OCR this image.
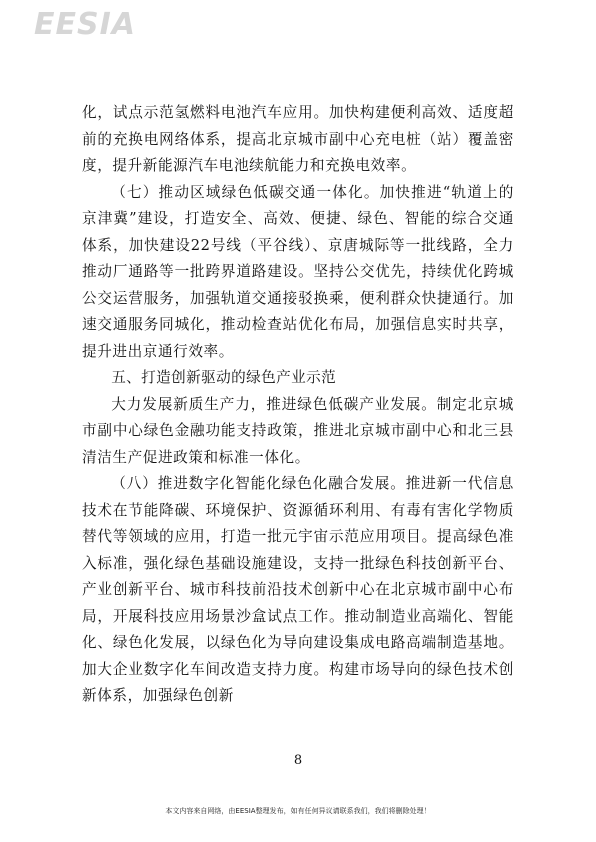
EESIA

化，试点示范氢燃料电池汽车应用。加快构建便利高效、适度超前的充换电网络体系，提高北京城市副中心充电桩（站）覆盖密度，提升新能源汽车电池续航能力和充换电效率。

（七）推动区域绿色低碳交通一体化。加快推进“轨道上的京津冀”建设，打造安全、高效、便捷、绿色、智能的综合交通体系，加快建设22号线（平谷线）、京唐城际等一批线路，全力推动厂通路等一批跨界道路建设。坚持公交优先，持续优化跨城公交运营服务，加强轨道交通接驳换乘，便利群众快捷通行。加速交通服务同城化，推动检查站优化布局，加强信息实时共享，提升进出京通行效率。

五、打造创新驱动的绿色产业示范

大力发展新质生产力，推进绿色低碳产业发展。制定北京城市副中心绿色金融功能支持政策，推进北京城市副中心和北三县清洁生产促进政策和标准一体化。

（八）推进数字化智能化绿色化融合发展。推进新一代信息技术在节能降碳、环境保护、资源循环利用、有毒有害化学物质替代等领域的应用，打造一批元宇宙示范应用项目。提高绿色准入标准，强化绿色基础设施建设，支持一批绿色科技创新平台、产业创新平台、城市科技前沿技术创新中心在北京城市副中心布局，开展科技应用场景沙盒试点工作。推动制造业高端化、智能化、绿色化发展，以绿色化为导向建设集成电路高端制造基地。加大企业数字化车间改造支持力度。构建市场导向的绿色技术创新体系，加强绿色创新

8
本文内容来自网络，由EESIA整理发布，如有任何异议请联系我们，我们将删除处理！
